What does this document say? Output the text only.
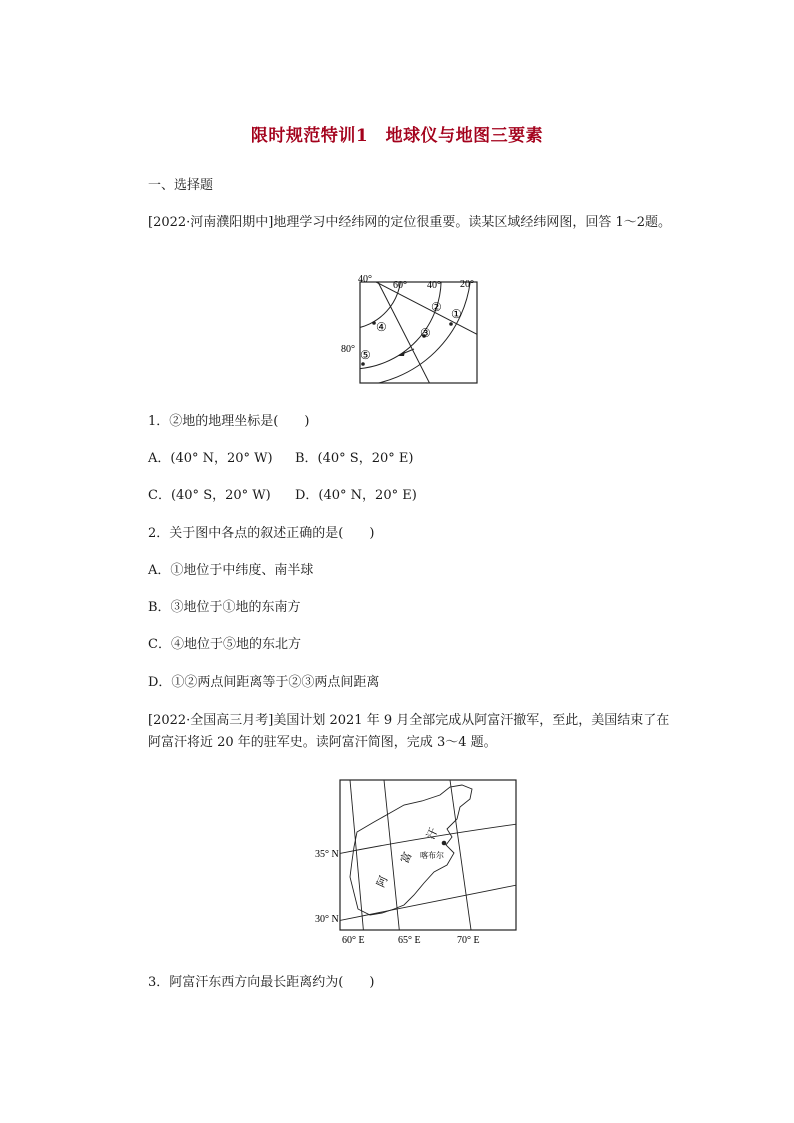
限时规范特训1　地球仪与地图三要素
一、选择题
[2022·河南濮阳期中]地理学习中经纬网的定位很重要。读某区域经纬网图，回答 1～2题。
40°
60° 40° 20°
80°
①
②
③
④
⑤
1．②地的地理坐标是(　　)
A．(40° N，20° W) B．(40° S，20° E)
C．(40° S，20° W) D．(40° N，20° E)
2．关于图中各点的叙述正确的是(　　)
A．①地位于中纬度、南半球
B．③地位于①地的东南方
C．④地位于⑤地的东北方
D．①②两点间距离等于②③两点间距离
[2022·全国高三月考]美国计划 2021 年 9 月全部完成从阿富汗撤军，至此，美国结束了在阿富汗将近 20 年的驻军史。读阿富汗简图，完成 3～4 题。
35° N
30° N
60° E	65° E	70° E
阿
富
汗
喀布尔
3．阿富汗东西方向最长距离约为(　　)
